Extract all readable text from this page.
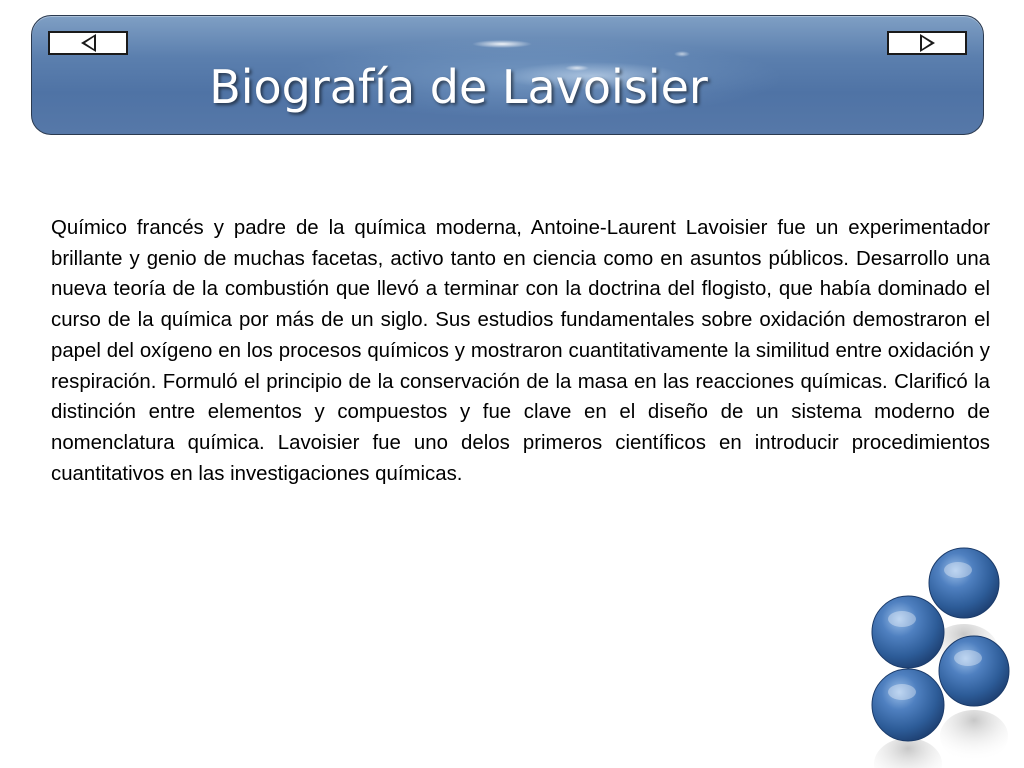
Biografía de Lavoisier

Químico francés y padre de la química moderna, Antoine-Laurent Lavoisier fue un experimentador brillante y genio de muchas facetas, activo tanto en ciencia como en asuntos públicos. Desarrollo una nueva teoría de la combustión que llevó a terminar con la doctrina del flogisto, que había dominado el curso de la química por más de un siglo. Sus estudios fundamentales sobre oxidación demostraron el papel del oxígeno en los procesos químicos y mostraron cuantitativamente la similitud entre oxidación y respiración. Formuló el principio de la conservación de la masa en las reacciones químicas. Clarificó la distinción entre elementos y compuestos y fue clave en el diseño de un sistema moderno de nomenclatura química. Lavoisier fue uno delos primeros científicos en introducir procedimientos cuantitativos en las investigaciones químicas.
